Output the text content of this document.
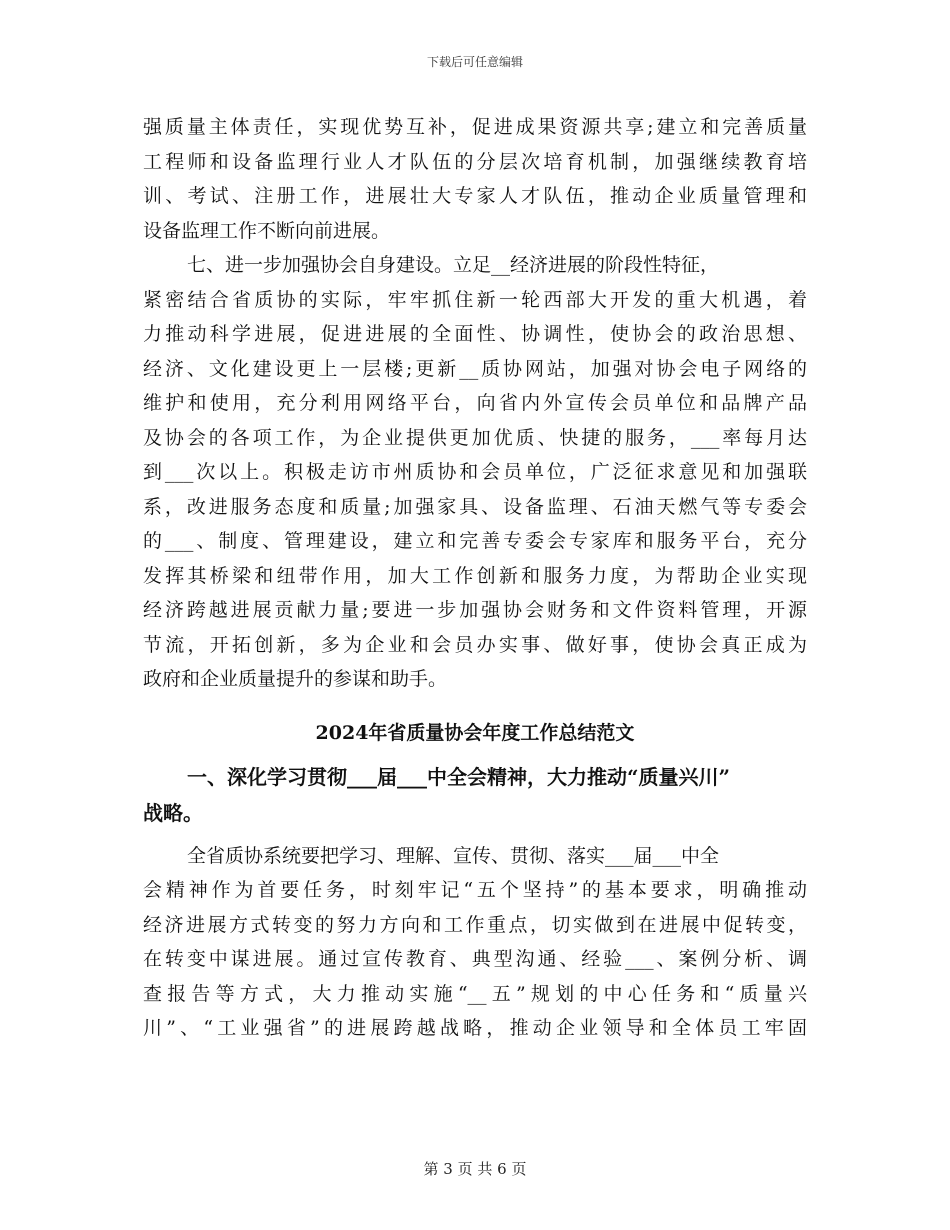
下载后可任意编辑
强质量主体责任，实现优势互补，促进成果资源共享;建立和完善质量
工程师和设备监理行业人才队伍的分层次培育机制，加强继续教育培
训、考试、注册工作，进展壮大专家人才队伍，推动企业质量管理和
设备监理工作不断向前进展。
七、进一步加强协会自身建设。立足__经济进展的阶段性特征，
紧密结合省质协的实际，牢牢抓住新一轮西部大开发的重大机遇，着
力推动科学进展，促进进展的全面性、协调性，使协会的政治思想、
经济、文化建设更上一层楼;更新__质协网站，加强对协会电子网络的
维护和使用，充分利用网络平台，向省内外宣传会员单位和品牌产品
及协会的各项工作，为企业提供更加优质、快捷的服务，___率每月达
到___次以上。积极走访市州质协和会员单位，广泛征求意见和加强联
系，改进服务态度和质量;加强家具、设备监理、石油天燃气等专委会
的___、制度、管理建设，建立和完善专委会专家库和服务平台，充分
发挥其桥梁和纽带作用，加大工作创新和服务力度，为帮助企业实现
经济跨越进展贡献力量;要进一步加强协会财务和文件资料管理，开源
节流，开拓创新，多为企业和会员办实事、做好事，使协会真正成为
政府和企业质量提升的参谋和助手。
2024年省质量协会年度工作总结范文
一、深化学习贯彻___届___中全会精神，大力推动“质量兴川”
战略。
全省质协系统要把学习、理解、宣传、贯彻、落实___届___中全
会精神作为首要任务，时刻牢记“五个坚持”的基本要求，明确推动
经济进展方式转变的努力方向和工作重点，切实做到在进展中促转变，
在转变中谋进展。通过宣传教育、典型沟通、经验___、案例分析、调
查报告等方式，大力推动实施“__五”规划的中心任务和“质量兴
川”、“工业强省”的进展跨越战略，推动企业领导和全体员工牢固
第 3 页 共 6 页
